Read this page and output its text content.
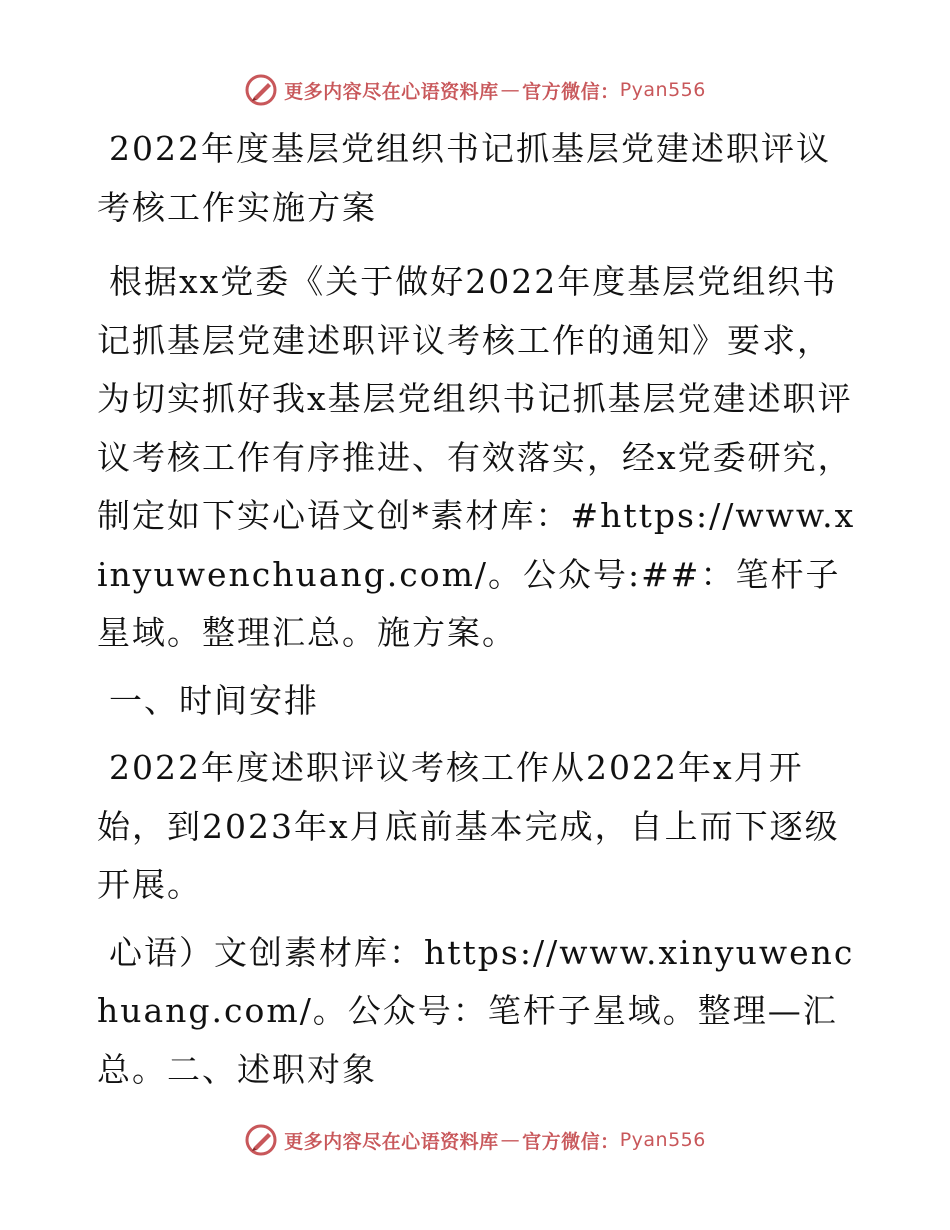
更多内容尽在心语资料库 — 官方微信： Pyan556
2022年度基层党组织书记抓基层党建述职评议考核工作实施方案
根据xx党委《关于做好2022年度基层党组织书记抓基层党建述职评议考核工作的通知》要求，为切实抓好我x基层党组织书记抓基层党建述职评议考核工作有序推进、有效落实，经x党委研究，制定如下实心语文创*素材库：#https://www.xinyuwenchuang.com/。公众号:##：笔杆子星域。整理汇总。施方案。
一、时间安排
2022年度述职评议考核工作从2022年x月开始，到2023年x月底前基本完成，自上而下逐级开展。
心语）文创素材库：https://www.xinyuwenchuang.com/。公众号：笔杆子星域。整理—汇总。二、述职对象
更多内容尽在心语资料库 — 官方微信： Pyan556
